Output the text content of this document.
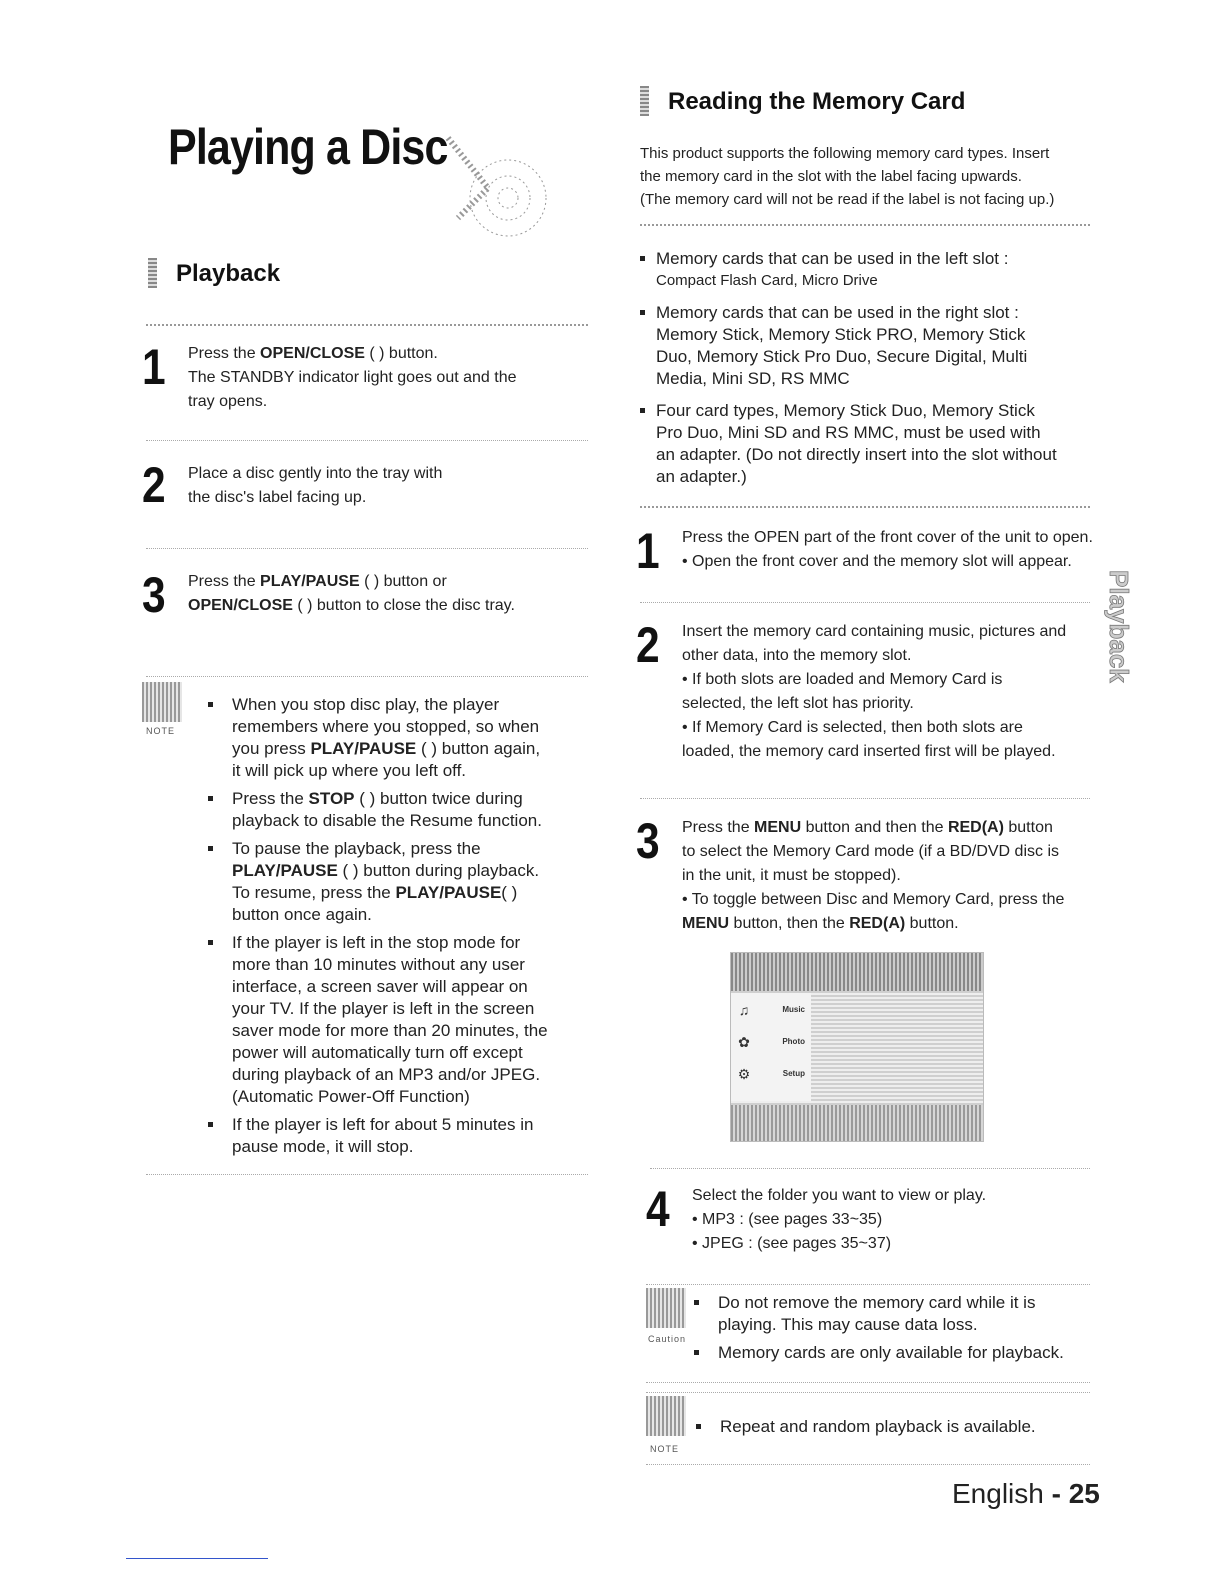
Playing a Disc
Playback
1 Press the OPEN/CLOSE ( ) button.
The STANDBY indicator light goes out and the
tray opens.
2 Place a disc gently into the tray with
the disc's label facing up.
3 Press the PLAY/PAUSE ( ) button or
OPEN/CLOSE ( ) button to close the disc tray.
NOTE
When you stop disc play, the player
remembers where you stopped, so when
you press PLAY/PAUSE ( ) button again,
it will pick up where you left off.
Press the STOP ( ) button twice during
playback to disable the Resume function.
To pause the playback, press the
PLAY/PAUSE ( ) button during playback.
To resume, press the PLAY/PAUSE( )
button once again.
If the player is left in the stop mode for
more than 10 minutes without any user
interface, a screen saver will appear on
your TV. If the player is left in the screen
saver mode for more than 20 minutes, the
power will automatically turn off except
during playback of an MP3 and/or JPEG.
(Automatic Power-Off Function)
If the player is left for about 5 minutes in
pause mode, it will stop.
Reading the Memory Card
This product supports the following memory card types. Insert
the memory card in the slot with the label facing upwards.
(The memory card will not be read if the label is not facing up.)
Memory cards that can be used in the left slot :
Compact Flash Card, Micro Drive
Memory cards that can be used in the right slot :
Memory Stick, Memory Stick PRO, Memory Stick
Duo, Memory Stick Pro Duo, Secure Digital, Multi
Media, Mini SD, RS MMC
Four card types, Memory Stick Duo, Memory Stick
Pro Duo, Mini SD and RS MMC, must be used with
an adapter. (Do not directly insert into the slot without
an adapter.)
1 Press the OPEN part of the front cover of the unit to open.
• Open the front cover and the memory slot will appear.
2 Insert the memory card containing music, pictures and
other data, into the memory slot.
• If both slots are loaded and Memory Card is
selected, the left slot has priority.
• If Memory Card is selected, then both slots are
loaded, the memory card inserted first will be played.
3 Press the MENU button and then the RED(A) button
to select the Memory Card mode (if a BD/DVD disc is
in the unit, it must be stopped).
• To toggle between Disc and Memory Card, press the
MENU button, then the RED(A) button.
♫	Music
✿	Photo
⚙	Setup
4 Select the folder you want to view or play.
• MP3 : (see pages 33~35)
• JPEG : (see pages 35~37)
Caution
Do not remove the memory card while it is
playing. This may cause data loss.
Memory cards are only available for playback.
NOTE
Repeat and random playback is available.
Playback
English - 25
